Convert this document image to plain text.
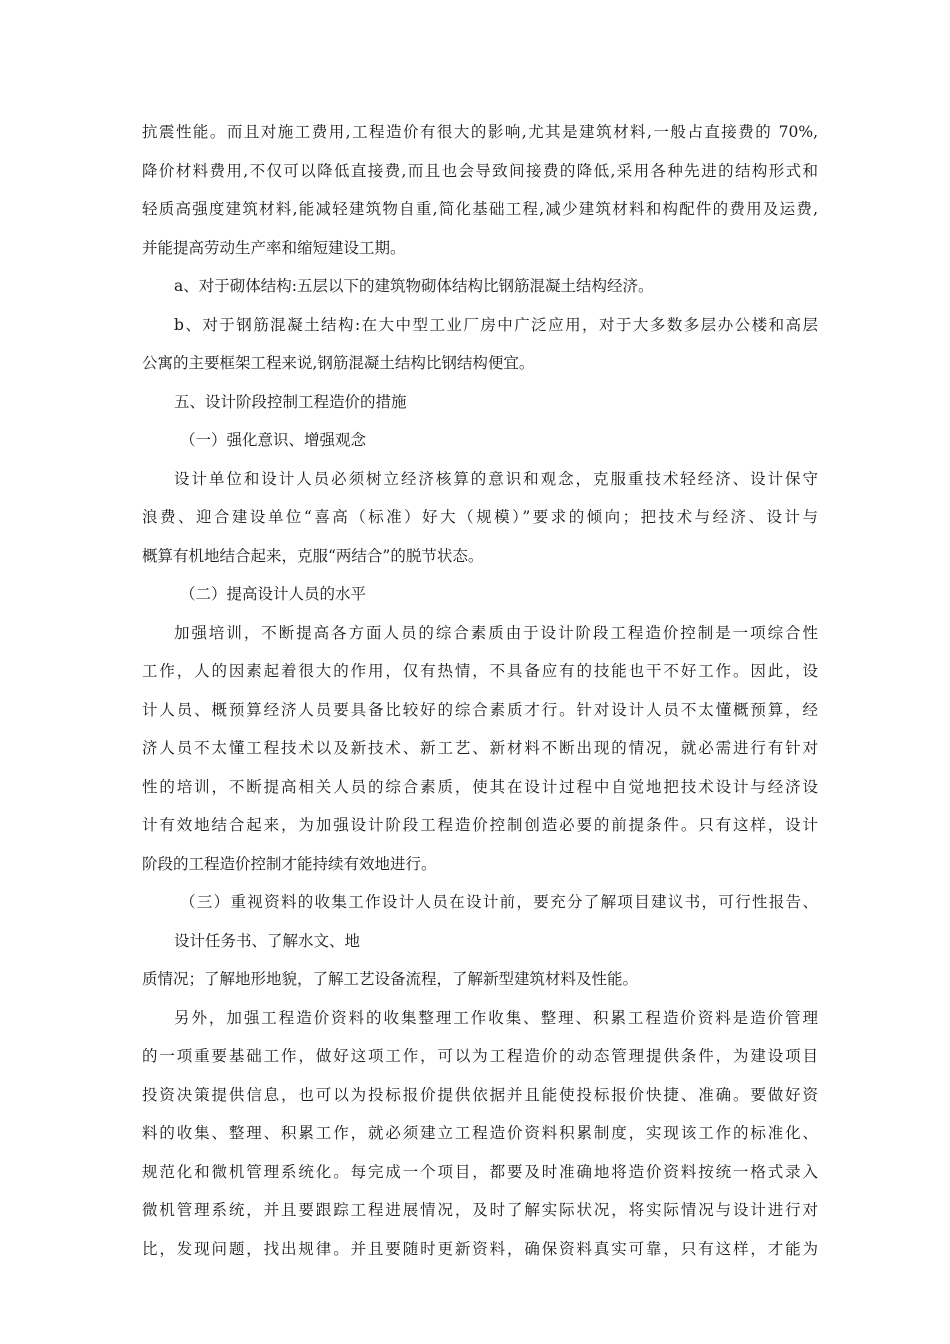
抗震性能。而且对施工费用,工程造价有很大的影响,尤其是建筑材料,一般占直接费的 70%,
降价材料费用,不仅可以降低直接费,而且也会导致间接费的降低,采用各种先进的结构形式和
轻质高强度建筑材料,能减轻建筑物自重,简化基础工程,减少建筑材料和构配件的费用及运费,
并能提高劳动生产率和缩短建设工期。
a、对于砌体结构:五层以下的建筑物砌体结构比钢筋混凝土结构经济。
b、对于钢筋混凝土结构:在大中型工业厂房中广泛应用，对于大多数多层办公楼和高层
公寓的主要框架工程来说,钢筋混凝土结构比钢结构便宜。
五、设计阶段控制工程造价的措施
（一）强化意识、增强观念
设计单位和设计人员必须树立经济核算的意识和观念，克服重技术轻经济、设计保守
浪费、迎合建设单位“喜高（标准）好大（规模）”要求的倾向；把技术与经济、设计与
概算有机地结合起来，克服“两结合”的脱节状态。
（二）提高设计人员的水平
加强培训，不断提高各方面人员的综合素质由于设计阶段工程造价控制是一项综合性
工作，人的因素起着很大的作用，仅有热情，不具备应有的技能也干不好工作。因此，设
计人员、概预算经济人员要具备比较好的综合素质才行。针对设计人员不太懂概预算，经
济人员不太懂工程技术以及新技术、新工艺、新材料不断出现的情况，就必需进行有针对
性的培训，不断提高相关人员的综合素质，使其在设计过程中自觉地把技术设计与经济设
计有效地结合起来，为加强设计阶段工程造价控制创造必要的前提条件。只有这样，设计
阶段的工程造价控制才能持续有效地进行。
（三）重视资料的收集工作设计人员在设计前，要充分了解项目建议书，可行性报告、
设计任务书、了解水文、地
质情况；了解地形地貌，了解工艺设备流程，了解新型建筑材料及性能。
另外，加强工程造价资料的收集整理工作收集、整理、积累工程造价资料是造价管理
的一项重要基础工作，做好这项工作，可以为工程造价的动态管理提供条件，为建设项目
投资决策提供信息，也可以为投标报价提供依据并且能使投标报价快捷、准确。要做好资
料的收集、整理、积累工作，就必须建立工程造价资料积累制度，实现该工作的标准化、
规范化和微机管理系统化。每完成一个项目，都要及时准确地将造价资料按统一格式录入
微机管理系统，并且要跟踪工程进展情况，及时了解实际状况，将实际情况与设计进行对
比，发现问题，找出规律。并且要随时更新资料，确保资料真实可靠，只有这样，才能为
